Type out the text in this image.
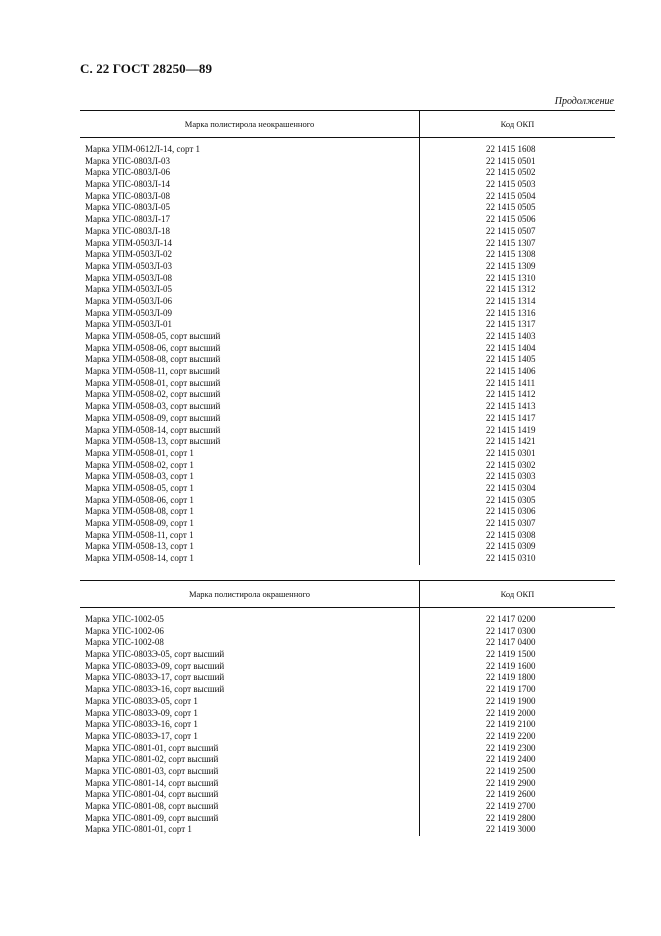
С. 22 ГОСТ 28250—89
Продолжение
Марка полистирола неокрашенного	Код ОКП
Марка УПМ-0612Л-14, сорт 1	22 1415 1608
Марка УПС-0803Л-03	22 1415 0501
Марка УПС-0803Л-06	22 1415 0502
Марка УПС-0803Л-14	22 1415 0503
Марка УПС-0803Л-08	22 1415 0504
Марка УПС-0803Л-05	22 1415 0505
Марка УПС-0803Л-17	22 1415 0506
Марка УПС-0803Л-18	22 1415 0507
Марка УПМ-0503Л-14	22 1415 1307
Марка УПМ-0503Л-02	22 1415 1308
Марка УПМ-0503Л-03	22 1415 1309
Марка УПМ-0503Л-08	22 1415 1310
Марка УПМ-0503Л-05	22 1415 1312
Марка УПМ-0503Л-06	22 1415 1314
Марка УПМ-0503Л-09	22 1415 1316
Марка УПМ-0503Л-01	22 1415 1317
Марка УПМ-0508-05, сорт высший	22 1415 1403
Марка УПМ-0508-06, сорт высший	22 1415 1404
Марка УПМ-0508-08, сорт высший	22 1415 1405
Марка УПМ-0508-11, сорт высший	22 1415 1406
Марка УПМ-0508-01, сорт высший	22 1415 1411
Марка УПМ-0508-02, сорт высший	22 1415 1412
Марка УПМ-0508-03, сорт высший	22 1415 1413
Марка УПМ-0508-09, сорт высший	22 1415 1417
Марка УПМ-0508-14, сорт высший	22 1415 1419
Марка УПМ-0508-13, сорт высший	22 1415 1421
Марка УПМ-0508-01, сорт 1	22 1415 0301
Марка УПМ-0508-02, сорт 1	22 1415 0302
Марка УПМ-0508-03, сорт 1	22 1415 0303
Марка УПМ-0508-05, сорт 1	22 1415 0304
Марка УПМ-0508-06, сорт 1	22 1415 0305
Марка УПМ-0508-08, сорт 1	22 1415 0306
Марка УПМ-0508-09, сорт 1	22 1415 0307
Марка УПМ-0508-11, сорт 1	22 1415 0308
Марка УПМ-0508-13, сорт 1	22 1415 0309
Марка УПМ-0508-14, сорт 1	22 1415 0310
Марка полистирола окрашенного	Код ОКП
Марка УПС-1002-05	22 1417 0200
Марка УПС-1002-06	22 1417 0300
Марка УПС-1002-08	22 1417 0400
Марка УПС-0803Э-05, сорт высший	22 1419 1500
Марка УПС-0803Э-09, сорт высший	22 1419 1600
Марка УПС-0803Э-17, сорт высший	22 1419 1800
Марка УПС-0803Э-16, сорт высший	22 1419 1700
Марка УПС-0803Э-05, сорт 1	22 1419 1900
Марка УПС-0803Э-09, сорт 1	22 1419 2000
Марка УПС-0803Э-16, сорт 1	22 1419 2100
Марка УПС-0803Э-17, сорт 1	22 1419 2200
Марка УПС-0801-01, сорт высший	22 1419 2300
Марка УПС-0801-02, сорт высший	22 1419 2400
Марка УПС-0801-03, сорт высший	22 1419 2500
Марка УПС-0801-14, сорт высший	22 1419 2900
Марка УПС-0801-04, сорт высший	22 1419 2600
Марка УПС-0801-08, сорт высший	22 1419 2700
Марка УПС-0801-09, сорт высший	22 1419 2800
Марка УПС-0801-01, сорт 1	22 1419 3000
